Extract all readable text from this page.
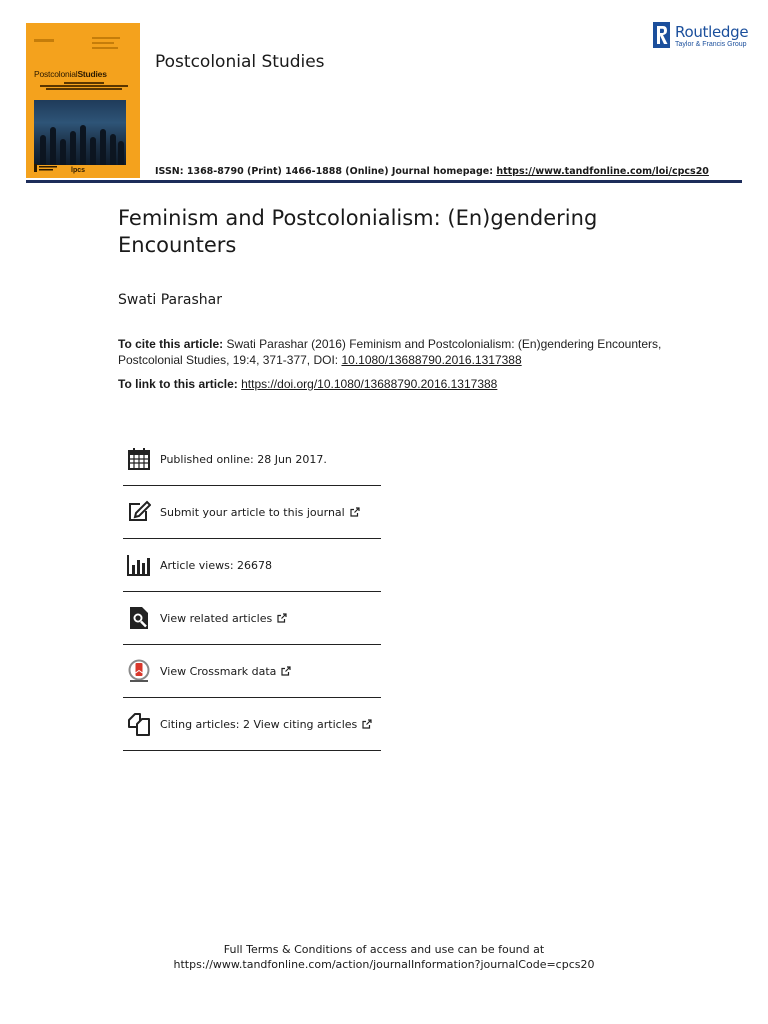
PostcolonialStudies
lpcs
Postcolonial Studies
Routledge
Taylor & Francis Group
ISSN: 1368-8790 (Print) 1466-1888 (Online) Journal homepage: https://www.tandfonline.com/loi/cpcs20
Feminism and Postcolonialism: (En)gendering Encounters
Swati Parashar
To cite this article: Swati Parashar (2016) Feminism and Postcolonialism: (En)gendering Encounters, Postcolonial Studies, 19:4, 371-377, DOI: 10.1080/13688790.2016.1317388
To link to this article: https://doi.org/10.1080/13688790.2016.1317388
Published online: 28 Jun 2017.
Submit your article to this journal
Article views: 26678
View related articles
View Crossmark data
Citing articles: 2 View citing articles
Full Terms & Conditions of access and use can be found at
https://www.tandfonline.com/action/journalInformation?journalCode=cpcs20
